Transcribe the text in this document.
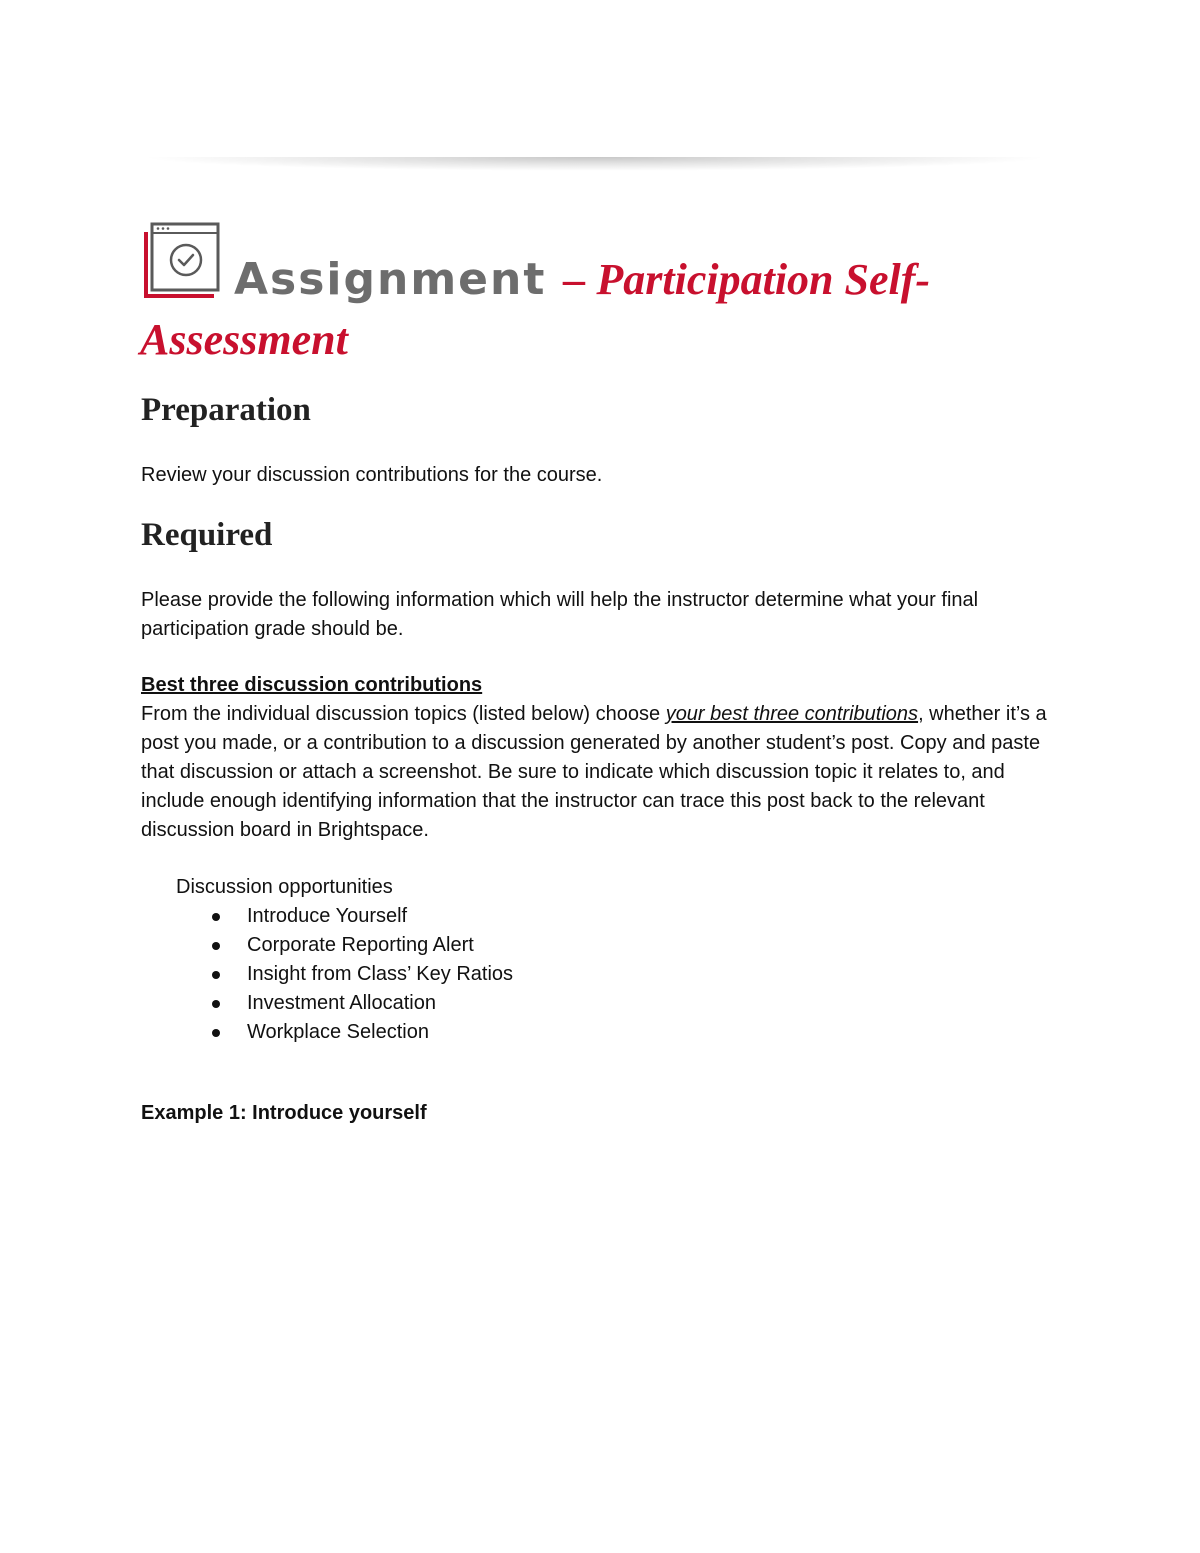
Assignment – Participation Self-
Assessment
Preparation
Review your discussion contributions for the course.
Required
Please provide the following information which will help the instructor determine what your final participation grade should be.
Best three discussion contributions
From the individual discussion topics (listed below) choose your best three contributions, whether it’s a post you made, or a contribution to a discussion generated by another student’s post. Copy and paste that discussion or attach a screenshot. Be sure to indicate which discussion topic it relates to, and include enough identifying information that the instructor can trace this post back to the relevant discussion board in Brightspace.
Discussion opportunities
Introduce Yourself
Corporate Reporting Alert
Insight from Class’ Key Ratios
Investment Allocation
Workplace Selection
Example 1: Introduce yourself
